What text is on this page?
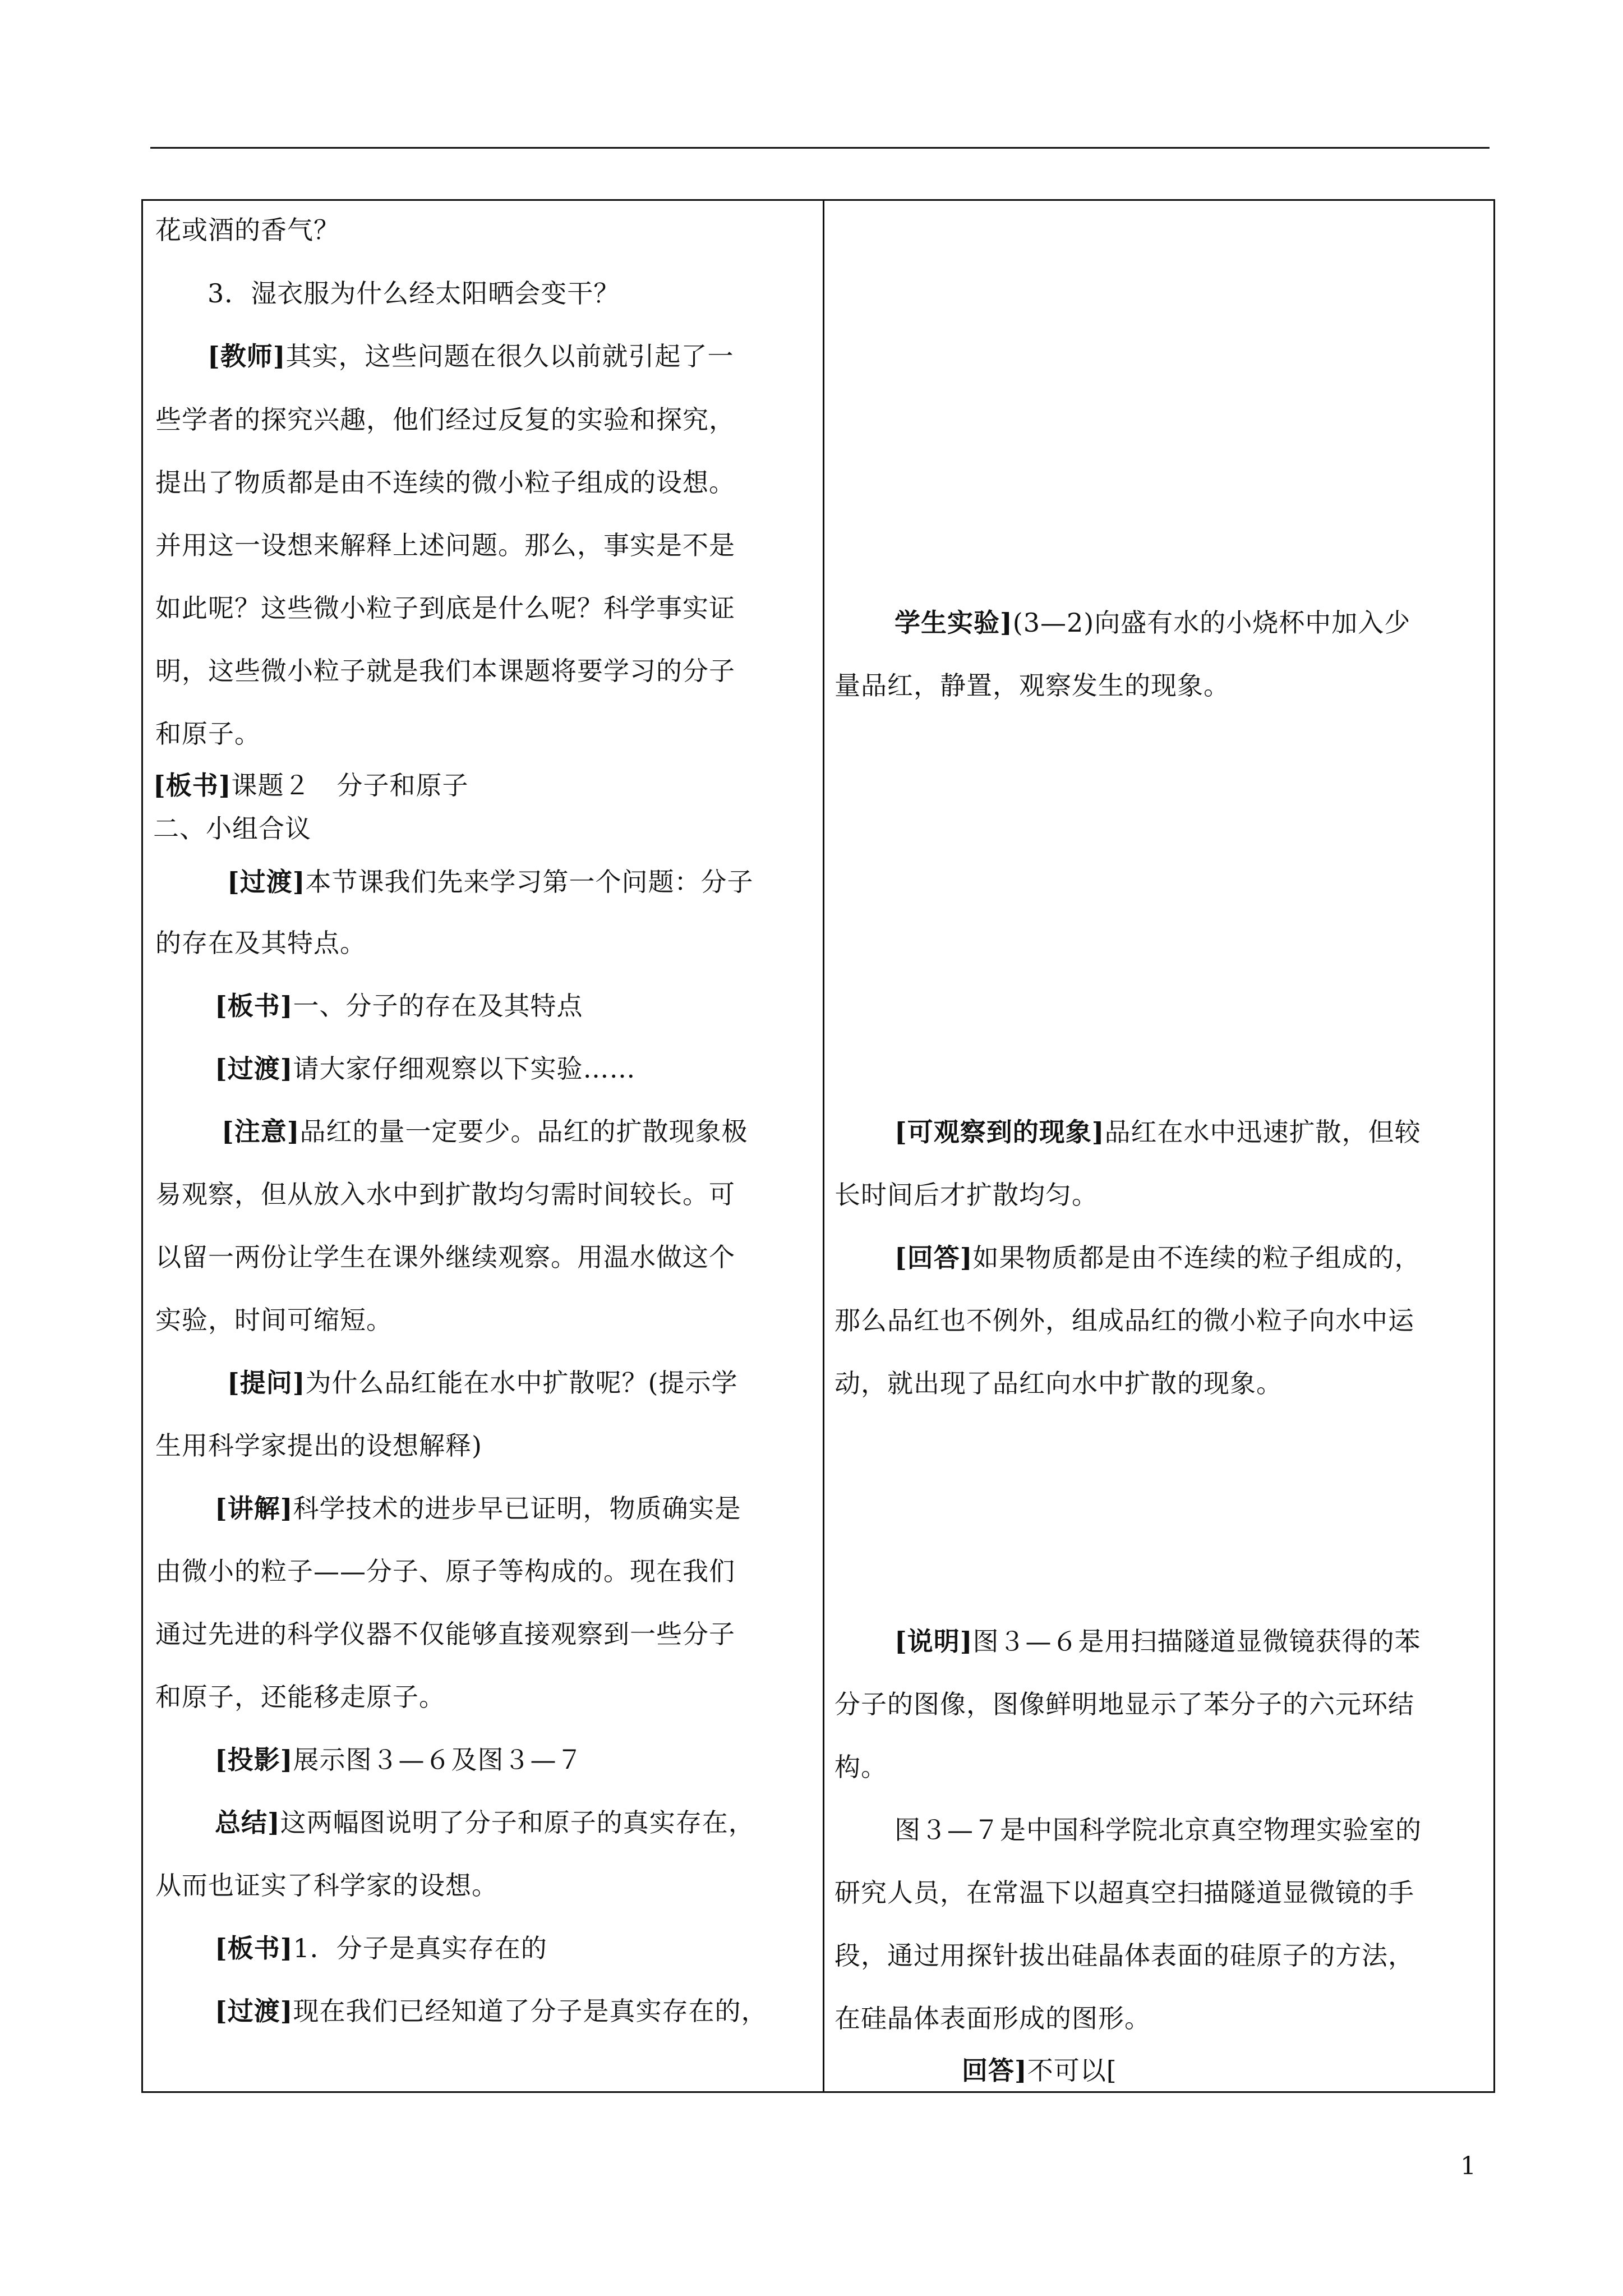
花或酒的香气？
3．湿衣服为什么经太阳晒会变干？
[教师]其实，这些问题在很久以前就引起了一
些学者的探究兴趣，他们经过反复的实验和探究，
提出了物质都是由不连续的微小粒子组成的设想。
并用这一设想来解释上述问题。那么，事实是不是
如此呢？这些微小粒子到底是什么呢？科学事实证
明，这些微小粒子就是我们本课题将要学习的分子
和原子。
[板书]课题２　分子和原子
二、小组合议
[过渡]本节课我们先来学习第一个问题：分子
的存在及其特点。
[板书]一、分子的存在及其特点
[过渡]请大家仔细观察以下实验……
[注意]品红的量一定要少。品红的扩散现象极
易观察，但从放入水中到扩散均匀需时间较长。可
以留一两份让学生在课外继续观察。用温水做这个
实验，时间可缩短。
[提问]为什么品红能在水中扩散呢？(提示学
生用科学家提出的设想解释)
[讲解]科学技术的进步早已证明，物质确实是
由微小的粒子——分子、原子等构成的。现在我们
通过先进的科学仪器不仅能够直接观察到一些分子
和原子，还能移走原子。
[投影]展示图３—６及图３—７
总结]这两幅图说明了分子和原子的真实存在，
从而也证实了科学家的设想。
[板书]1．分子是真实存在的
[过渡]现在我们已经知道了分子是真实存在的，
学生实验](3—2)向盛有水的小烧杯中加入少
量品红，静置，观察发生的现象。
[可观察到的现象]品红在水中迅速扩散，但较
长时间后才扩散均匀。
[回答]如果物质都是由不连续的粒子组成的，
那么品红也不例外，组成品红的微小粒子向水中运
动，就出现了品红向水中扩散的现象。
[说明]图３—６是用扫描隧道显微镜获得的苯
分子的图像，图像鲜明地显示了苯分子的六元环结
构。
图３—７是中国科学院北京真空物理实验室的
研究人员，在常温下以超真空扫描隧道显微镜的手
段，通过用探针拔出硅晶体表面的硅原子的方法，
在硅晶体表面形成的图形。
回答]不可以[
1
